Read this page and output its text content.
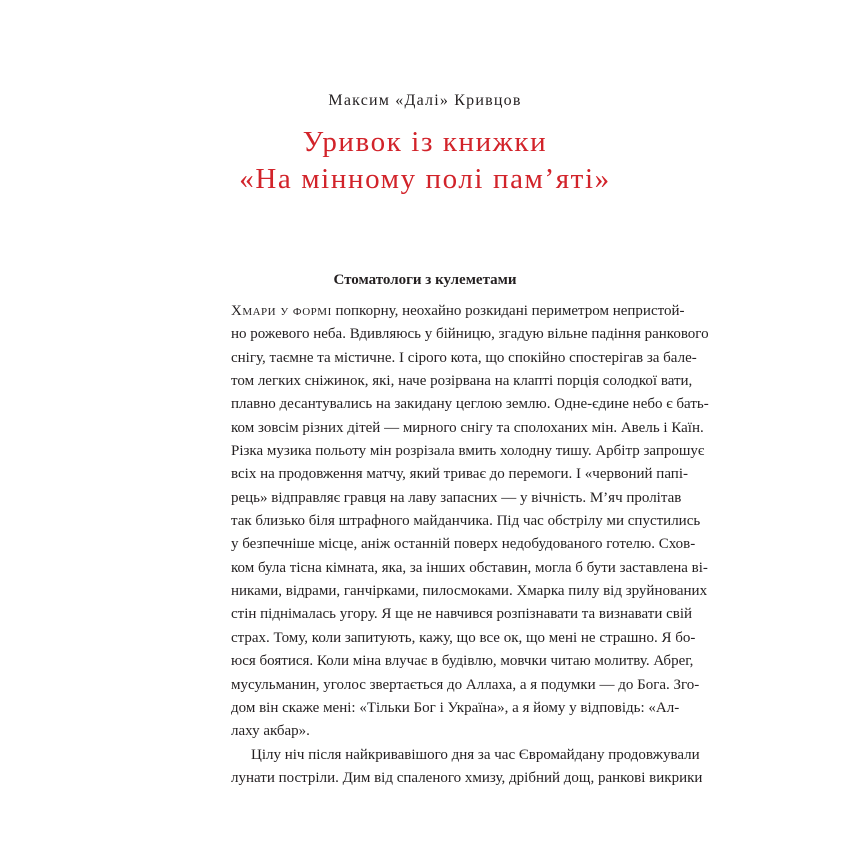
Максим «Далі» Кривцов
Уривок із книжки
«На мінному полі пам’яті»
Стоматологи з кулеметами
Хмари у формі попкорну, неохайно розкидані периметром непристой-
но рожевого неба. Вдивляюсь у бійницю, згадую вільне падіння ранкового
снігу, таємне та містичне. І сірого кота, що спокійно спостерігав за бале-
том легких сніжинок, які, наче розірвана на клапті порція солодкої вати,
плавно десантувались на закидану цеглою землю. Одне-єдине небо є бать-
ком зовсім різних дітей — мирного снігу та сполоханих мін. Авель і Каїн.
Різка музика польоту мін розрізала вмить холодну тишу. Арбітр запрошує
всіх на продовження матчу, який триває до перемоги. І «червоний папі-
рець» відправляє гравця на лаву запасних — у вічність. М’яч пролітав
так близько біля штрафного майданчика. Під час обстрілу ми спустились
у безпечніше місце, аніж останній поверх недобудованого готелю. Схов-
ком була тісна кімната, яка, за інших обставин, могла б бути заставлена ві-
никами, відрами, ганчірками, пилосмоками. Хмарка пилу від зруйнованих
стін піднімалась угору. Я ще не навчився розпізнавати та визнавати свій
страх. Тому, коли запитують, кажу, що все ок, що мені не страшно. Я бо-
юся боятися. Коли міна влучає в будівлю, мовчки читаю молитву. Абрег,
мусульманин, уголос звертається до Аллаха, а я подумки — до Бога. Зго-
дом він скаже мені: «Тільки Бог і Україна», а я йому у відповідь: «Ал-
лаху акбар».
Цілу ніч після найкривавішого дня за час Євромайдану продовжували
лунати постріли. Дим від спаленого хмизу, дрібний дощ, ранкові викрики
